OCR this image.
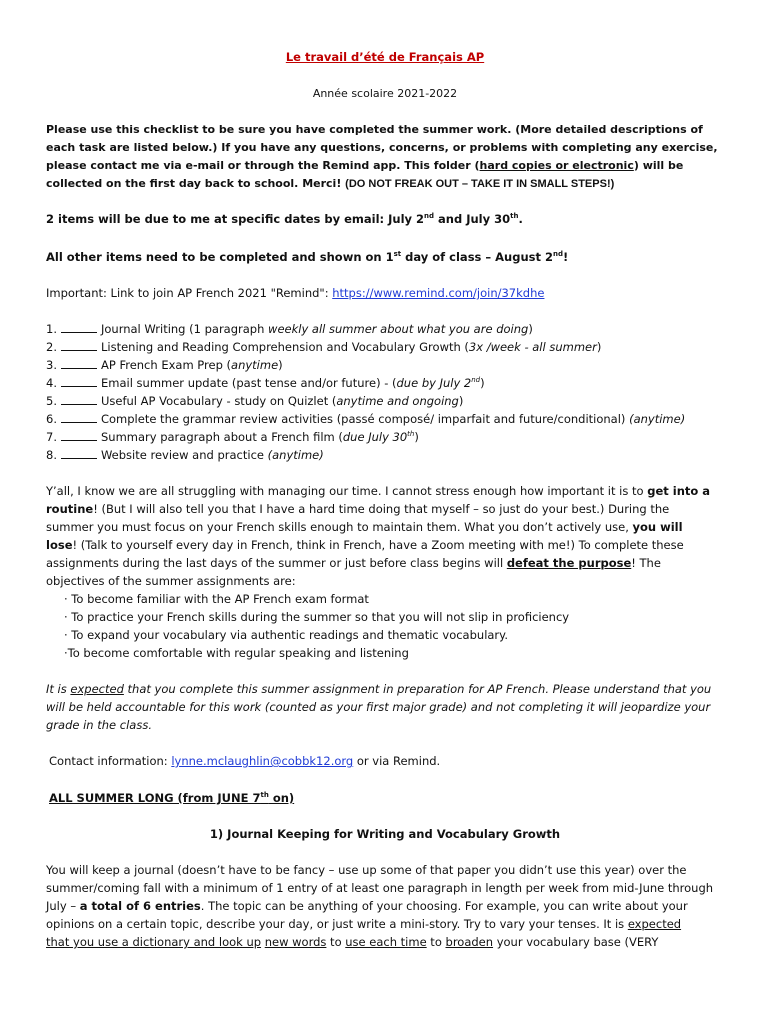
Le travail d’été de Français AP
Année scolaire 2021-2022
Please use this checklist to be sure you have completed the summer work. (More detailed descriptions of
each task are listed below.) If you have any questions, concerns, or problems with completing any exercise,
please contact me via e-mail or through the Remind app. This folder (hard copies or electronic) will be
collected on the first day back to school. Merci! (DO NOT FREAK OUT – TAKE IT IN SMALL STEPS!)
2 items will be due to me at specific dates by email: July 2nd and July 30th.
All other items need to be completed and shown on 1st day of class – August 2nd!
Important: Link to join AP French 2021 "Remind": https://www.remind.com/join/37kdhe
1.	Journal Writing (1 paragraph weekly all summer about what you are doing)
2.	Listening and Reading Comprehension and Vocabulary Growth (3x /week - all summer)
3.	AP French Exam Prep (anytime)
4.	Email summer update (past tense and/or future) - (due by July 2nd)
5.	Useful AP Vocabulary - study on Quizlet (anytime and ongoing)
6.	Complete the grammar review activities (passé composé/ imparfait and future/conditional) (anytime)
7.	Summary paragraph about a French film (due July 30th)
8.	Website review and practice (anytime)
Y’all, I know we are all struggling with managing our time. I cannot stress enough how important it is to get into a
routine! (But I will also tell you that I have a hard time doing that myself – so just do your best.) During the
summer you must focus on your French skills enough to maintain them. What you don’t actively use, you will
lose! (Talk to yourself every day in French, think in French, have a Zoom meeting with me!) To complete these
assignments during the last days of the summer or just before class begins will defeat the purpose! The
objectives of the summer assignments are:
· To become familiar with the AP French exam format
· To practice your French skills during the summer so that you will not slip in proficiency
· To expand your vocabulary via authentic readings and thematic vocabulary.
·To become comfortable with regular speaking and listening
It is expected that you complete this summer assignment in preparation for AP French. Please understand that you
will be held accountable for this work (counted as your first major grade) and not completing it will jeopardize your
grade in the class.
Contact information: lynne.mclaughlin@cobbk12.org or via Remind.
ALL SUMMER LONG (from JUNE 7th on)
1) Journal Keeping for Writing and Vocabulary Growth
You will keep a journal (doesn’t have to be fancy – use up some of that paper you didn’t use this year) over the
summer/coming fall with a minimum of 1 entry of at least one paragraph in length per week from mid-June through
July – a total of 6 entries. The topic can be anything of your choosing. For example, you can write about your
opinions on a certain topic, describe your day, or just write a mini-story. Try to vary your tenses. It is expected
that you use a dictionary and look up new words to use each time to broaden your vocabulary base (VERY
